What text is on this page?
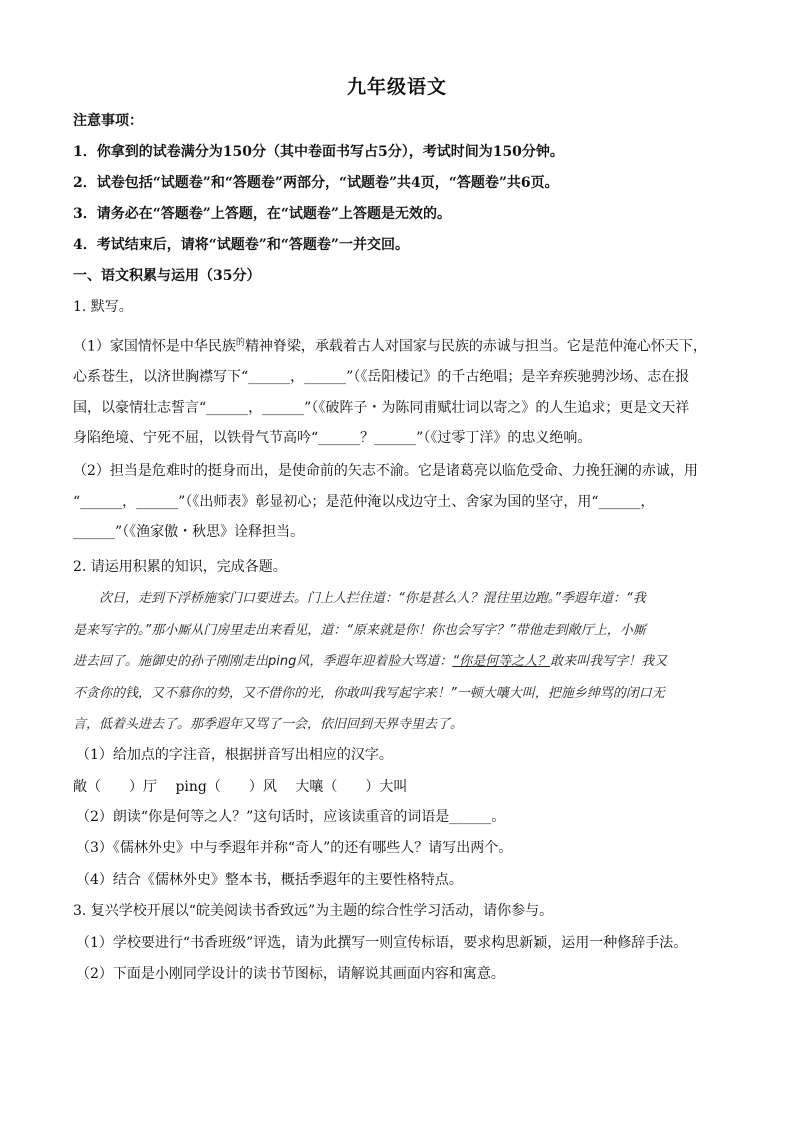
九年级语文
注意事项：
1．你拿到的试卷满分为150分（其中卷面书写占5分），考试时间为150分钟。
2．试卷包括“试题卷”和“答题卷”两部分，“试题卷”共4页，“答题卷”共6页。
3．请务必在“答题卷”上答题，在“试题卷”上答题是无效的。
4．考试结束后，请将“试题卷”和“答题卷”一并交回。
一、语文积累与运用（35分）
1. 默写。
（1）家国情怀是中华民族$^的$精神脊梁，承载着古人对国家与民族的赤诚与担当。它是范仲淹心怀天下，
心系苍生，以济世胸襟写下“______，______”（《岳阳楼记》的千古绝唱；是辛弃疾驰骋沙场、志在报
国，以豪情壮志誓言“______，______”（《破阵子・为陈同甫赋壮词以寄之》的人生追求；更是文天祥
身陷绝境、宁死不屈，以铁骨气节高吟“______？______”（《过零丁洋》的忠义绝响。
（2）担当是危难时的挺身而出，是使命前的矢志不渝。它是诸葛亮以临危受命、力挽狂澜的赤诚，用
“______，______”（《出师表》彰显初心；是范仲淹以戍边守土、舍家为国的坚守，用“______，
______”（《渔家傲・秋思》诠释担当。
2. 请运用积累的知识，完成各题。
次日，走到下浮桥施家门口要进去。门上人拦住道：“你是甚么人？混往里边跑。”季遐年道：“我
是来写字的。”那小厮从门房里走出来看见，道：“原来就是你！你也会写字？”带他走到敞厅上，小厮
进去回了。施御史的孙子刚刚走出ping风，季遐年迎着脸大骂道：“你是何等之人？敢来叫我写字！我又
不贪你的钱，又不慕你的势，又不借你的光，你敢叫我写起字来！”一顿大嚷大叫，把施乡绅骂的闭口无
言，低着头进去了。那季遐年又骂了一会，依旧回到天界寺里去了。
（1）给加点的字注音，根据拼音写出相应的汉字。
敞（　　）厅　 ping（　　）风　 大嚷（　　）大叫
（2）朗读“你是何等之人？”这句话时，应该读重音的词语是______。
（3）《儒林外史》中与季遐年并称“奇人”的还有哪些人？请写出两个。
（4）结合《儒林外史》整本书，概括季遐年的主要性格特点。
3. 复兴学校开展以“皖美阅读书香致远”为主题的综合性学习活动，请你参与。
（1）学校要进行“书香班级”评选，请为此撰写一则宣传标语，要求构思新颖，运用一种修辞手法。
（2）下面是小刚同学设计的读书节图标，请解说其画面内容和寓意。
